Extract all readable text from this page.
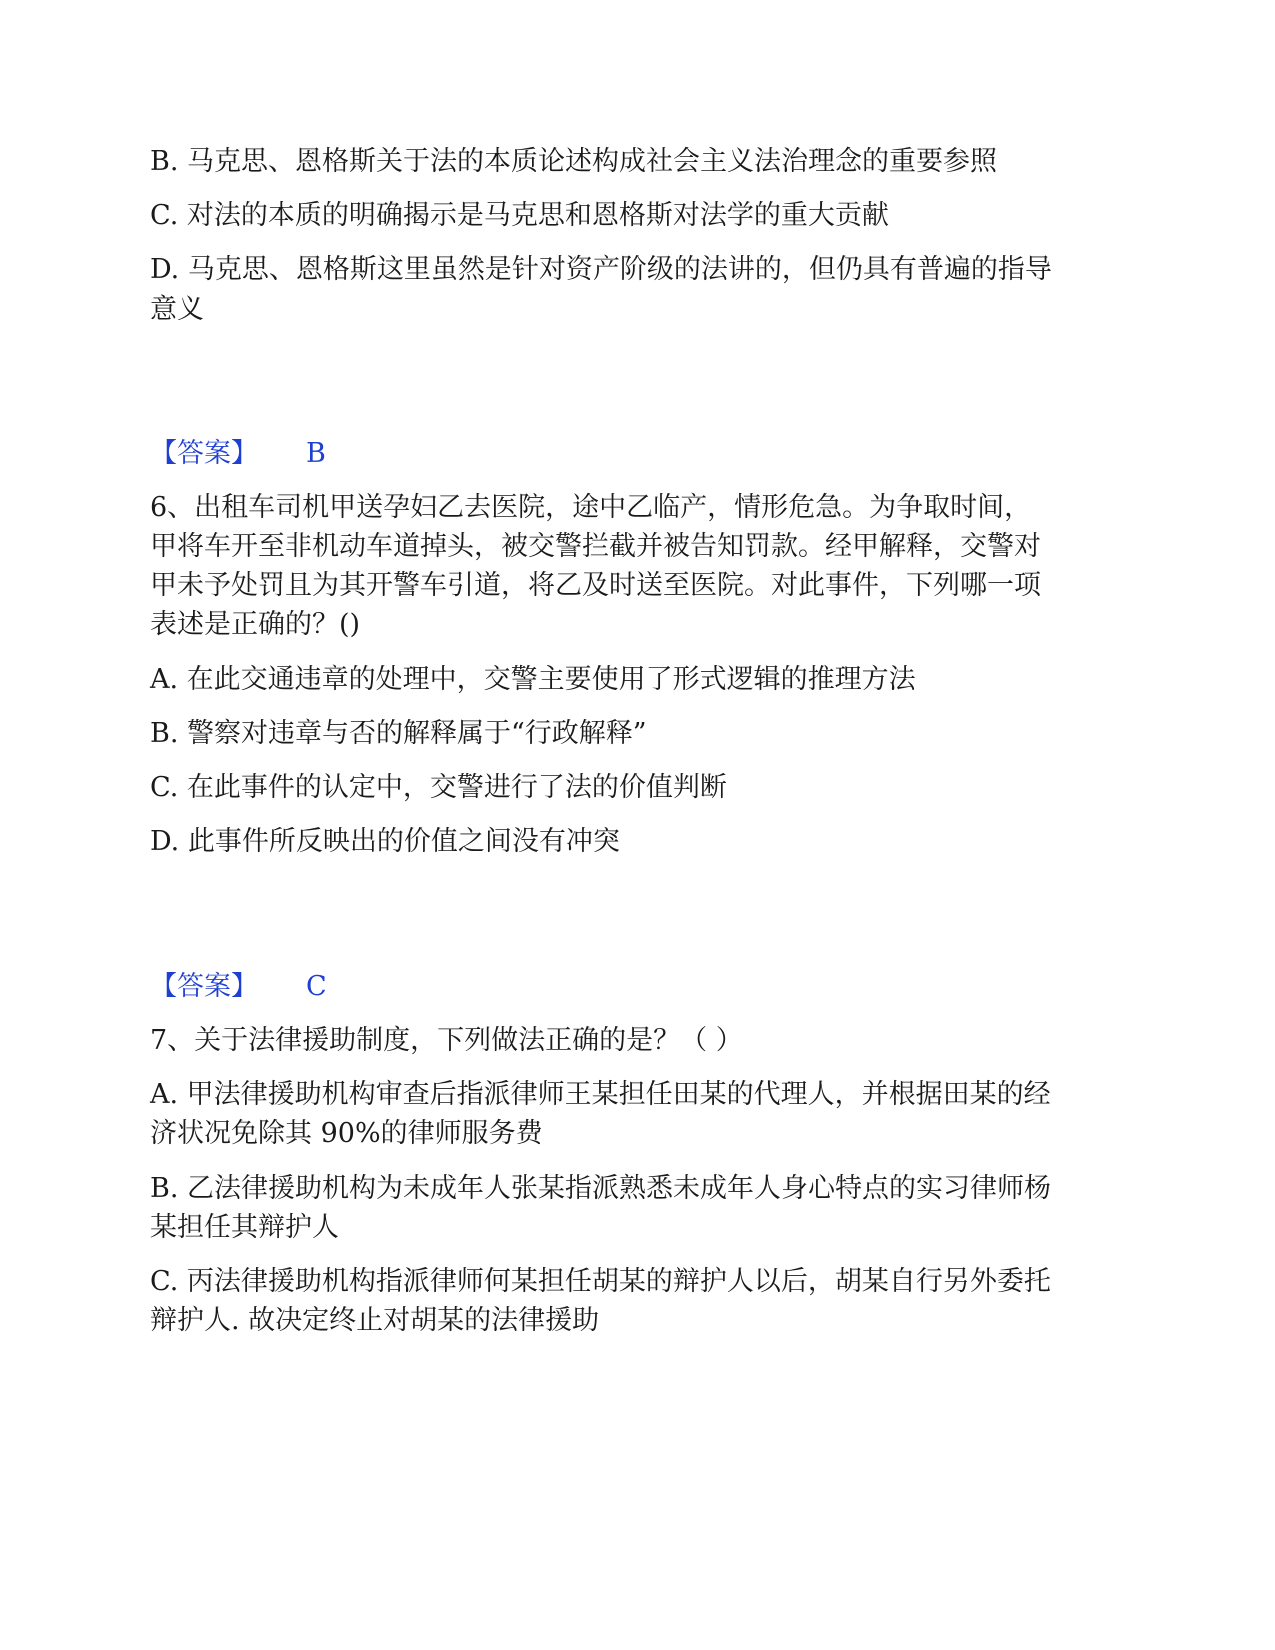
B. 马克思、恩格斯关于法的本质论述构成社会主义法治理念的重要参照

C. 对法的本质的明确揭示是马克思和恩格斯对法学的重大贡献

D. 马克思、恩格斯这里虽然是针对资产阶级的法讲的，但仍具有普遍的指导

意义

【答案】 B

6、出租车司机甲送孕妇乙去医院，途中乙临产，情形危急。为争取时间，

甲将车开至非机动车道掉头，被交警拦截并被告知罚款。经甲解释，交警对

甲未予处罚且为其开警车引道，将乙及时送至医院。对此事件，下列哪一项

表述是正确的？()

A. 在此交通违章的处理中，交警主要使用了形式逻辑的推理方法

B. 警察对违章与否的解释属于“行政解释”

C. 在此事件的认定中，交警进行了法的价值判断

D. 此事件所反映出的价值之间没有冲突

【答案】 C

7、关于法律援助制度，下列做法正确的是？（ ）

A. 甲法律援助机构审查后指派律师王某担任田某的代理人，并根据田某的经

济状况免除其 90%的律师服务费

B. 乙法律援助机构为未成年人张某指派熟悉未成年人身心特点的实习律师杨

某担任其辩护人

C. 丙法律援助机构指派律师何某担任胡某的辩护人以后，胡某自行另外委托

辩护人. 故决定终止对胡某的法律援助
